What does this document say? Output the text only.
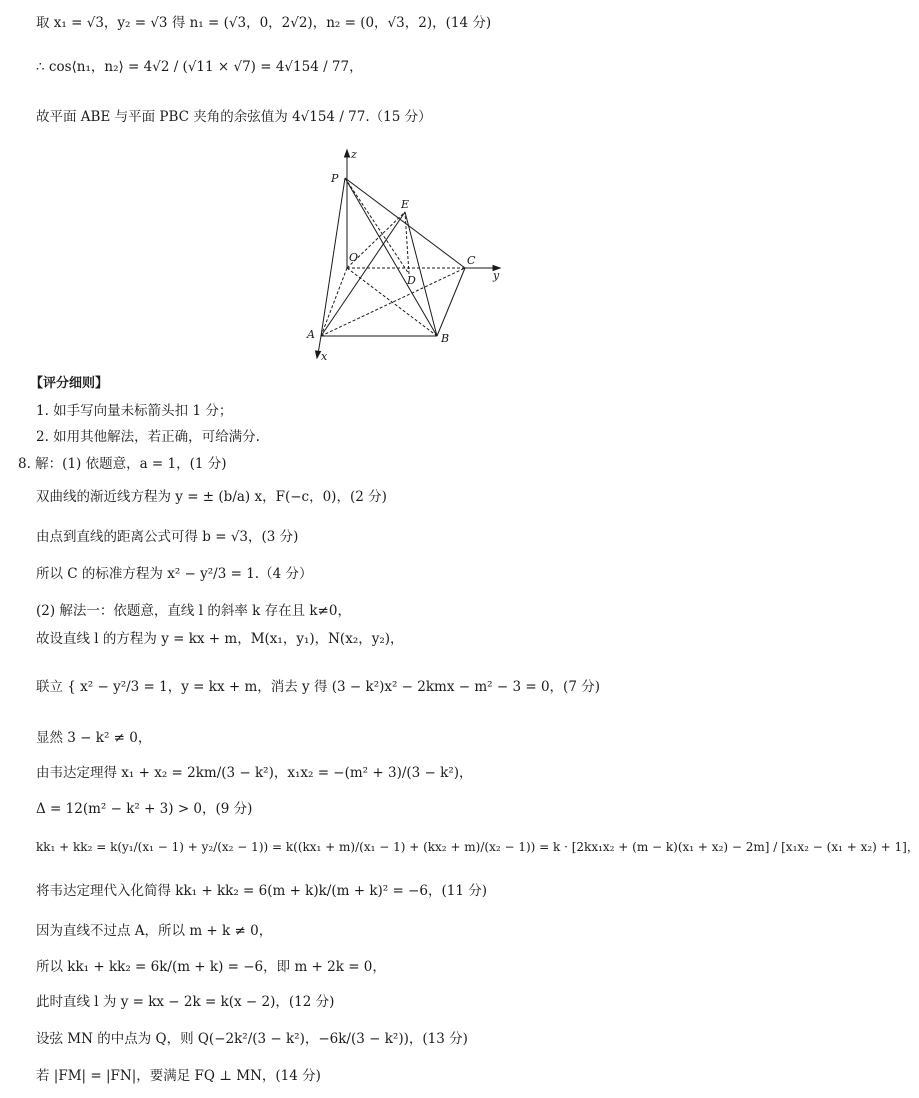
取 x₁ = √3，y₂ = √3 得 n₁ = (√3，0，2√2)，n₂ = (0，√3，2)，(14 分)
∴ cos⟨n₁，n₂⟩ = 4√2 / (√11 × √7) = 4√154 / 77，
故平面 ABE 与平面 PBC 夹角的余弦值为 4√154 / 77.（15 分）
z
P
E
O
D
C
y
A	B
x
【评分细则】
1. 如手写向量未标箭头扣 1 分；
2. 如用其他解法，若正确，可给满分.
8. 解：(1) 依题意，a = 1，(1 分)
双曲线的渐近线方程为 y = ± (b/a) x，F(−c，0)，(2 分)
由点到直线的距离公式可得 b = √3，(3 分)
所以 C 的标准方程为 x² − y²/3 = 1.（4 分）
(2) 解法一：依题意，直线 l 的斜率 k 存在且 k≠0，
故设直线 l 的方程为 y = kx + m，M(x₁，y₁)，N(x₂，y₂)，
联立 { x² − y²/3 = 1，y = kx + m，消去 y 得 (3 − k²)x² − 2kmx − m² − 3 = 0，(7 分)
显然 3 − k² ≠ 0，
由韦达定理得 x₁ + x₂ = 2km/(3 − k²)，x₁x₂ = −(m² + 3)/(3 − k²)，
Δ = 12(m² − k² + 3) > 0，(9 分)
kk₁ + kk₂ = k(y₁/(x₁ − 1) + y₂/(x₂ − 1)) = k((kx₁ + m)/(x₁ − 1) + (kx₂ + m)/(x₂ − 1)) = k · [2kx₁x₂ + (m − k)(x₁ + x₂) − 2m] / [x₁x₂ − (x₁ + x₂) + 1]，
将韦达定理代入化简得 kk₁ + kk₂ = 6(m + k)k/(m + k)² = −6，(11 分)
因为直线不过点 A，所以 m + k ≠ 0，
所以 kk₁ + kk₂ = 6k/(m + k) = −6，即 m + 2k = 0，
此时直线 l 为 y = kx − 2k = k(x − 2)，(12 分)
设弦 MN 的中点为 Q，则 Q(−2k²/(3 − k²)，−6k/(3 − k²))，(13 分)
若 |FM| = |FN|，要满足 FQ ⊥ MN，(14 分)
